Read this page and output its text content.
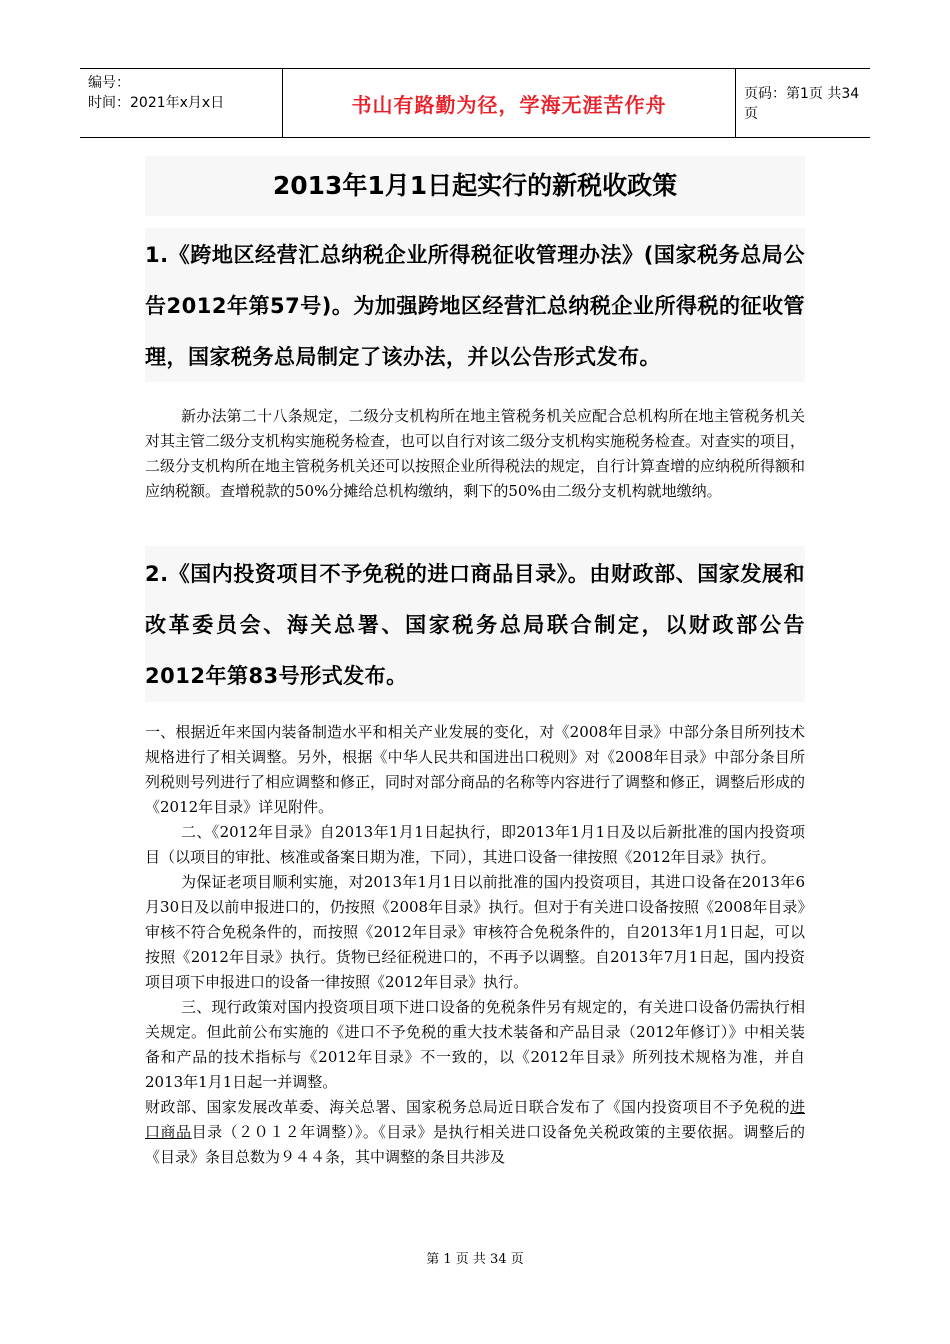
编号：
时间：2021年x月x日	书山有路勤为径，学海无涯苦作舟	页码：第1页 共34页
2013年1月1日起实行的新税收政策
1.《跨地区经营汇总纳税企业所得税征收管理办法》(国家税务总局公告2012年第57号)。为加强跨地区经营汇总纳税企业所得税的征收管理，国家税务总局制定了该办法，并以公告形式发布。

新办法第二十八条规定，二级分支机构所在地主管税务机关应配合总机构所在地主管税务机关对其主管二级分支机构实施税务检查，也可以自行对该二级分支机构实施税务检查。对查实的项目，二级分支机构所在地主管税务机关还可以按照企业所得税法的规定，自行计算查增的应纳税所得额和应纳税额。查增税款的50%分摊给总机构缴纳，剩下的50%由二级分支机构就地缴纳。

2.《国内投资项目不予免税的进口商品目录》。由财政部、国家发展和改革委员会、海关总署、国家税务总局联合制定，以财政部公告2012年第83号形式发布。

一、根据近年来国内装备制造水平和相关产业发展的变化，对《2008年目录》中部分条目所列技术规格进行了相关调整。另外，根据《中华人民共和国进出口税则》对《2008年目录》中部分条目所列税则号列进行了相应调整和修正，同时对部分商品的名称等内容进行了调整和修正，调整后形成的《2012年目录》详见附件。

二、《2012年目录》自2013年1月1日起执行，即2013年1月1日及以后新批准的国内投资项目（以项目的审批、核准或备案日期为准，下同），其进口设备一律按照《2012年目录》执行。

为保证老项目顺利实施，对2013年1月1日以前批准的国内投资项目，其进口设备在2013年6月30日及以前申报进口的，仍按照《2008年目录》执行。但对于有关进口设备按照《2008年目录》审核不符合免税条件的，而按照《2012年目录》审核符合免税条件的，自2013年1月1日起，可以按照《2012年目录》执行。货物已经征税进口的，不再予以调整。自2013年7月1日起，国内投资项目项下申报进口的设备一律按照《2012年目录》执行。

三、现行政策对国内投资项目项下进口设备的免税条件另有规定的，有关进口设备仍需执行相关规定。但此前公布实施的《进口不予免税的重大技术装备和产品目录（2012年修订）》中相关装备和产品的技术指标与《2012年目录》不一致的，以《2012年目录》所列技术规格为准，并自2013年1月1日起一并调整。

财政部、国家发展改革委、海关总署、国家税务总局近日联合发布了《国内投资项目不予免税的进口商品目录（２０１２年调整）》。《目录》是执行相关进口设备免关税政策的主要依据。调整后的《目录》条目总数为９４４条，其中调整的条目共涉及

第 1 页 共 34 页
